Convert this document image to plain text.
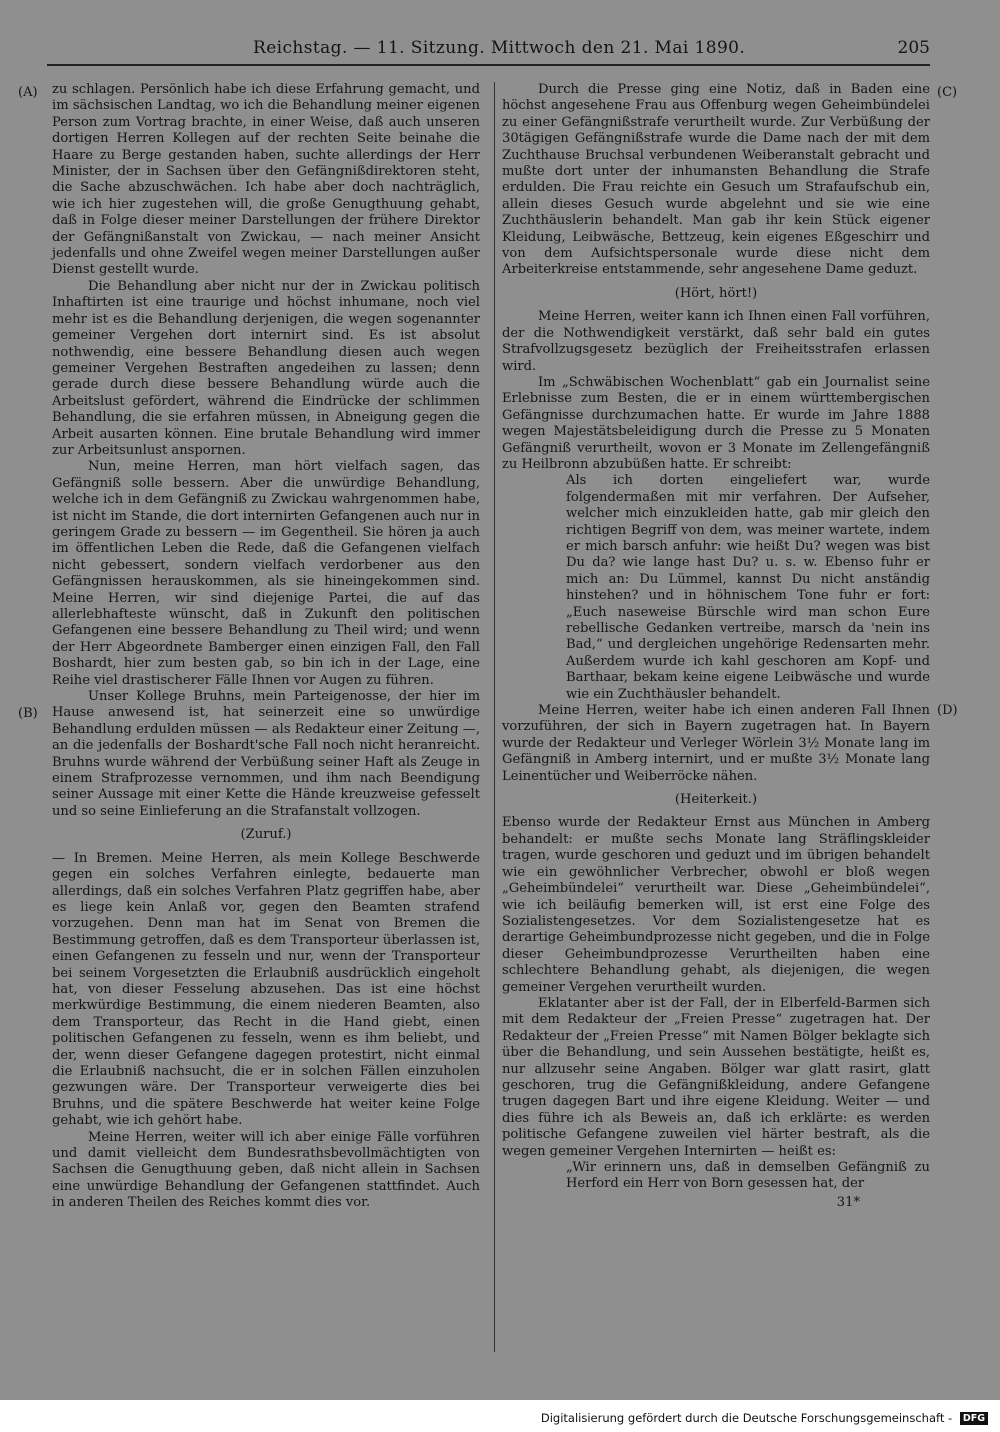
Reichstag. — 11. Sitzung. Mittwoch den 21. Mai 1890.	205
(A)
(B)
(C)
(D)

zu schlagen. Persönlich habe ich diese Erfahrung gemacht, und im sächsischen Landtag, wo ich die Behandlung meiner eigenen Person zum Vortrag brachte, in einer Weise, daß auch unseren dortigen Herren Kollegen auf der rechten Seite beinahe die Haare zu Berge gestanden haben, suchte allerdings der Herr Minister, der in Sachsen über den Gefängnißdirektoren steht, die Sache abzuschwächen. Ich habe aber doch nachträglich, wie ich hier zugestehen will, die große Genugthuung gehabt, daß in Folge dieser meiner Darstellungen der frühere Direktor der Gefängnißanstalt von Zwickau, — nach meiner Ansicht jedenfalls und ohne Zweifel wegen meiner Darstellungen außer Dienst gestellt wurde.

Die Behandlung aber nicht nur der in Zwickau politisch Inhaftirten ist eine traurige und höchst inhumane, noch viel mehr ist es die Behandlung derjenigen, die wegen sogenannter gemeiner Vergehen dort internirt sind. Es ist absolut nothwendig, eine bessere Behandlung diesen auch wegen gemeiner Vergehen Bestraften angedeihen zu lassen; denn gerade durch diese bessere Behandlung würde auch die Arbeitslust gefördert, während die Eindrücke der schlimmen Behandlung, die sie erfahren müssen, in Abneigung gegen die Arbeit ausarten können. Eine brutale Behandlung wird immer zur Arbeitsunlust anspornen.

Nun, meine Herren, man hört vielfach sagen, das Gefängniß solle bessern. Aber die unwürdige Behandlung, welche ich in dem Gefängniß zu Zwickau wahrgenommen habe, ist nicht im Stande, die dort internirten Gefangenen auch nur in geringem Grade zu bessern — im Gegentheil. Sie hören ja auch im öffentlichen Leben die Rede, daß die Gefangenen vielfach nicht gebessert, sondern vielfach verdorbener aus den Gefängnissen herauskommen, als sie hineingekommen sind. Meine Herren, wir sind diejenige Partei, die auf das allerlebhafteste wünscht, daß in Zukunft den politischen Gefangenen eine bessere Behandlung zu Theil wird; und wenn der Herr Abgeordnete Bamberger einen einzigen Fall, den Fall Boshardt, hier zum besten gab, so bin ich in der Lage, eine Reihe viel drastischerer Fälle Ihnen vor Augen zu führen.

Unser Kollege Bruhns, mein Parteigenosse, der hier im Hause anwesend ist, hat seinerzeit eine so unwürdige Behandlung erdulden müssen — als Redakteur einer Zeitung —, an die jedenfalls der Boshardt'sche Fall noch nicht heranreicht. Bruhns wurde während der Verbüßung seiner Haft als Zeuge in einem Strafprozesse vernommen, und ihm nach Beendigung seiner Aussage mit einer Kette die Hände kreuzweise gefesselt und so seine Einlieferung an die Strafanstalt vollzogen.

(Zuruf.)

— In Bremen. Meine Herren, als mein Kollege Beschwerde gegen ein solches Verfahren einlegte, bedauerte man allerdings, daß ein solches Verfahren Platz gegriffen habe, aber es liege kein Anlaß vor, gegen den Beamten strafend vorzugehen. Denn man hat im Senat von Bremen die Bestimmung getroffen, daß es dem Transporteur überlassen ist, einen Gefangenen zu fesseln und nur, wenn der Transporteur bei seinem Vorgesetzten die Erlaubniß ausdrücklich eingeholt hat, von dieser Fesselung abzusehen. Das ist eine höchst merkwürdige Bestimmung, die einem niederen Beamten, also dem Transporteur, das Recht in die Hand giebt, einen politischen Gefangenen zu fesseln, wenn es ihm beliebt, und der, wenn dieser Gefangene dagegen protestirt, nicht einmal die Erlaubniß nachsucht, die er in solchen Fällen einzuholen gezwungen wäre. Der Transporteur verweigerte dies bei Bruhns, und die spätere Beschwerde hat weiter keine Folge gehabt, wie ich gehört habe.

Meine Herren, weiter will ich aber einige Fälle vorführen und damit vielleicht dem Bundesrathsbevollmächtigten von Sachsen die Genugthuung geben, daß nicht allein in Sachsen eine unwürdige Behandlung der Gefangenen stattfindet. Auch in anderen Theilen des Reiches kommt dies vor.

Durch die Presse ging eine Notiz, daß in Baden eine höchst angesehene Frau aus Offenburg wegen Geheimbündelei zu einer Gefängnißstrafe verurtheilt wurde. Zur Verbüßung der 30tägigen Gefängnißstrafe wurde die Dame nach der mit dem Zuchthause Bruchsal verbundenen Weiberanstalt gebracht und mußte dort unter der inhumansten Behandlung die Strafe erdulden. Die Frau reichte ein Gesuch um Strafaufschub ein, allein dieses Gesuch wurde abgelehnt und sie wie eine Zuchthäuslerin behandelt. Man gab ihr kein Stück eigener Kleidung, Leibwäsche, Bettzeug, kein eigenes Eßgeschirr und von dem Aufsichtspersonale wurde diese nicht dem Arbeiterkreise entstammende, sehr angesehene Dame geduzt.

(Hört, hört!)

Meine Herren, weiter kann ich Ihnen einen Fall vorführen, der die Nothwendigkeit verstärkt, daß sehr bald ein gutes Strafvollzugsgesetz bezüglich der Freiheitsstrafen erlassen wird.

Im „Schwäbischen Wochenblatt“ gab ein Journalist seine Erlebnisse zum Besten, die er in einem württembergischen Gefängnisse durchzumachen hatte. Er wurde im Jahre 1888 wegen Majestätsbeleidigung durch die Presse zu 5 Monaten Gefängniß verurtheilt, wovon er 3 Monate im Zellengefängniß zu Heilbronn abzubüßen hatte. Er schreibt:

Als ich dorten eingeliefert war, wurde folgendermaßen mit mir verfahren. Der Aufseher, welcher mich einzukleiden hatte, gab mir gleich den richtigen Begriff von dem, was meiner wartete, indem er mich barsch anfuhr: wie heißt Du? wegen was bist Du da? wie lange hast Du? u. s. w. Ebenso fuhr er mich an: Du Lümmel, kannst Du nicht anständig hinstehen? und in höhnischem Tone fuhr er fort: „Euch naseweise Bürschle wird man schon Eure rebellische Gedanken vertreibe, marsch da 'nein ins Bad,“ und dergleichen ungehörige Redensarten mehr. Außerdem wurde ich kahl geschoren am Kopf- und Barthaar, bekam keine eigene Leibwäsche und wurde wie ein Zuchthäusler behandelt.

Meine Herren, weiter habe ich einen anderen Fall Ihnen vorzuführen, der sich in Bayern zugetragen hat. In Bayern wurde der Redakteur und Verleger Wörlein 3½ Monate lang im Gefängniß in Amberg internirt, und er mußte 3½ Monate lang Leinentücher und Weiberröcke nähen.

(Heiterkeit.)

Ebenso wurde der Redakteur Ernst aus München in Amberg behandelt: er mußte sechs Monate lang Sträflingskleider tragen, wurde geschoren und geduzt und im übrigen behandelt wie ein gewöhnlicher Verbrecher, obwohl er bloß wegen „Geheimbündelei“ verurtheilt war. Diese „Geheimbündelei“, wie ich beiläufig bemerken will, ist erst eine Folge des Sozialistengesetzes. Vor dem Sozialistengesetze hat es derartige Geheimbundprozesse nicht gegeben, und die in Folge dieser Geheimbundprozesse Verurtheilten haben eine schlechtere Behandlung gehabt, als diejenigen, die wegen gemeiner Vergehen verurtheilt wurden.

Eklatanter aber ist der Fall, der in Elberfeld-Barmen sich mit dem Redakteur der „Freien Presse“ zugetragen hat. Der Redakteur der „Freien Presse“ mit Namen Bölger beklagte sich über die Behandlung, und sein Aussehen bestätigte, heißt es, nur allzusehr seine Angaben. Bölger war glatt rasirt, glatt geschoren, trug die Gefängnißkleidung, andere Gefangene trugen dagegen Bart und ihre eigene Kleidung. Weiter — und dies führe ich als Beweis an, daß ich erklärte: es werden politische Gefangene zuweilen viel härter bestraft, als die wegen gemeiner Vergehen Internirten — heißt es:

„Wir erinnern uns, daß in demselben Gefängniß zu Herford ein Herr von Born gesessen hat, der

31*

Digitalisierung gefördert durch die Deutsche Forschungsgemeinschaft - DFG
